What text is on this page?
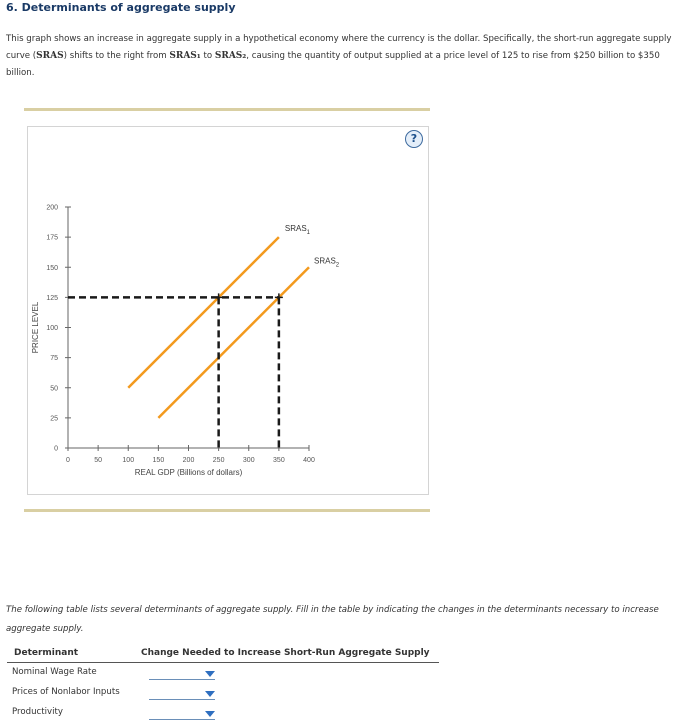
6. Determinants of aggregate supply
This graph shows an increase in aggregate supply in a hypothetical economy where the currency is the dollar. Specifically, the short-run aggregate supply curve (SRAS) shifts to the right from SRAS₁ to SRAS₂, causing the quantity of output supplied at a price level of 125 to rise from $250 billion to $350 billion.
?
0
25
50
75
100
125
150
175
200
0	50	100	150	200	250	300	350	400
REAL GDP (Billions of dollars)
PRICE LEVEL
$SRAS_1$
$SRAS_2$
The following table lists several determinants of aggregate supply. Fill in the table by indicating the changes in the determinants necessary to increase aggregate supply.
Determinant	Change Needed to Increase Short-Run Aggregate Supply
Nominal Wage Rate
Prices of Nonlabor Inputs
Productivity
